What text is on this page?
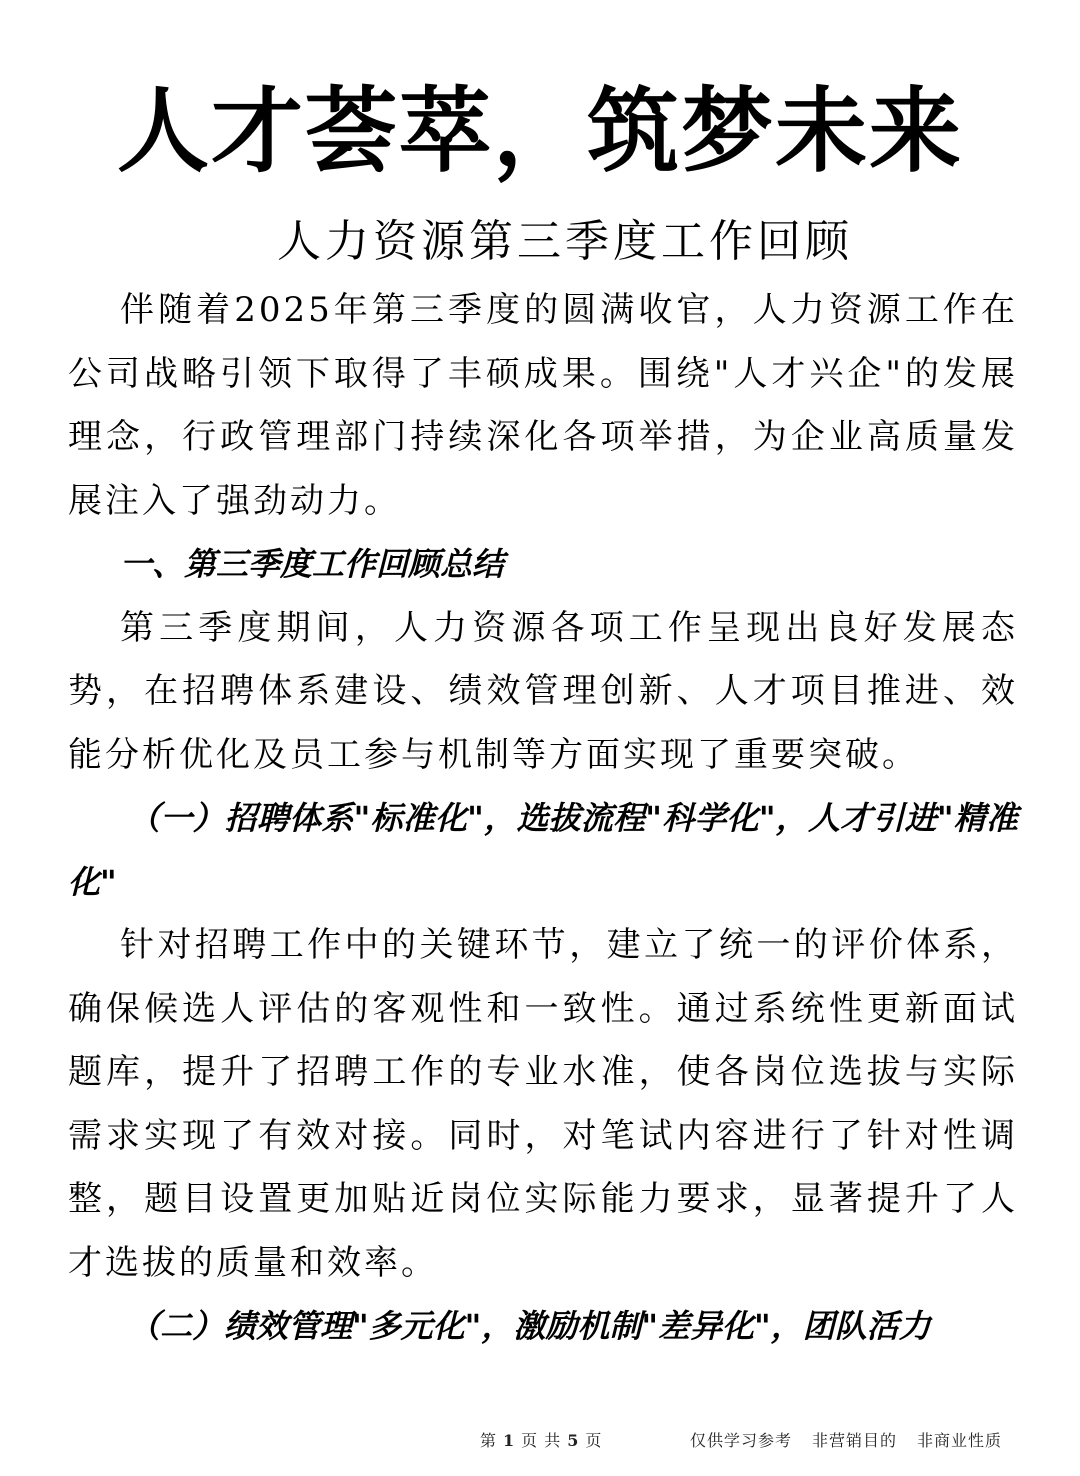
人才荟萃，筑梦未来
人力资源第三季度工作回顾

伴随着2025年第三季度的圆满收官，人力资源工作在公司战略引领下取得了丰硕成果。围绕"人才兴企"的发展理念，行政管理部门持续深化各项举措，为企业高质量发展注入了强劲动力。

一、第三季度工作回顾总结

第三季度期间，人力资源各项工作呈现出良好发展态势，在招聘体系建设、绩效管理创新、人才项目推进、效能分析优化及员工参与机制等方面实现了重要突破。

（一）招聘体系"标准化"，选拔流程"科学化"，人才引进"精准化"

针对招聘工作中的关键环节，建立了统一的评价体系，确保候选人评估的客观性和一致性。通过系统性更新面试题库，提升了招聘工作的专业水准，使各岗位选拔与实际需求实现了有效对接。同时，对笔试内容进行了针对性调整，题目设置更加贴近岗位实际能力要求，显著提升了人才选拔的质量和效率。

（二）绩效管理"多元化"，激励机制"差异化"，团队活力

第 1 页 共 5 页	仅供学习参考 非营销目的 非商业性质
